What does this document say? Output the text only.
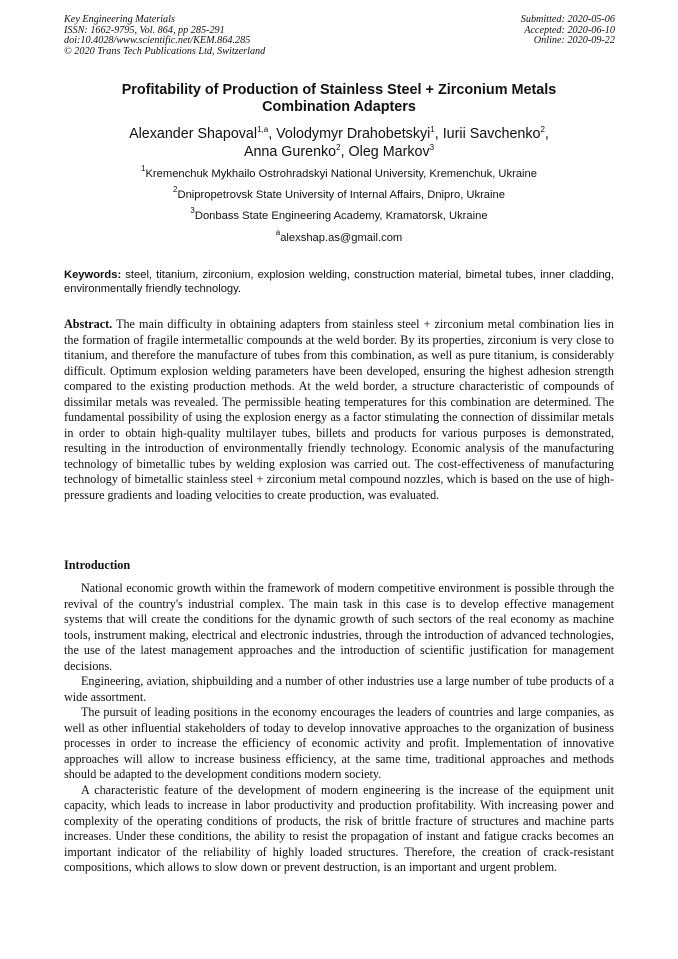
Key Engineering Materials
ISSN: 1662-9795, Vol. 864, pp 285-291
doi:10.4028/www.scientific.net/KEM.864.285
© 2020 Trans Tech Publications Ltd, Switzerland
Submitted: 2020-05-06
Accepted: 2020-06-10
Online: 2020-09-22
Profitability of Production of Stainless Steel + Zirconium Metals
Combination Adapters
Alexander Shapoval$^{1,a}$, Volodymyr Drahobetskyi$^1$, Iurii Savchenko$^2$,
Anna Gurenko$^2$, Oleg Markov$^3$
$^1$Kremenchuk Mykhailo Ostrohradskyi National University, Kremenchuk, Ukraine
$^2$Dnipropetrovsk State University of Internal Affairs, Dnipro, Ukraine
$^3$Donbass State Engineering Academy, Kramatorsk, Ukraine
$^a$alexshap.as@gmail.com
Keywords: steel, titanium, zirconium, explosion welding, construction material, bimetal tubes, inner cladding, environmentally friendly technology.
Abstract. The main difficulty in obtaining adapters from stainless steel + zirconium metal combination lies in the formation of fragile intermetallic compounds at the weld border. By its properties, zirconium is very close to titanium, and therefore the manufacture of tubes from this combination, as well as pure titanium, is considerably difficult. Optimum explosion welding parameters have been developed, ensuring the highest adhesion strength compared to the existing production methods. At the weld border, a structure characteristic of compounds of dissimilar metals was revealed. The permissible heating temperatures for this combination are determined. The fundamental possibility of using the explosion energy as a factor stimulating the connection of dissimilar metals in order to obtain high-quality multilayer tubes, billets and products for various purposes is demonstrated, resulting in the introduction of environmentally friendly technology. Economic analysis of the manufacturing technology of bimetallic tubes by welding explosion was carried out. The cost-effectiveness of manufacturing technology of bimetallic stainless steel + zirconium metal compound nozzles, which is based on the use of high-pressure gradients and loading velocities to create production, was evaluated.
Introduction

National economic growth within the framework of modern competitive environment is possible through the revival of the country's industrial complex. The main task in this case is to develop effective management systems that will create the conditions for the dynamic growth of such sectors of the real economy as machine tools, instrument making, electrical and electronic industries, through the introduction of advanced technologies, the use of the latest management approaches and the introduction of scientific justification for management decisions.

Engineering, aviation, shipbuilding and a number of other industries use a large number of tube products of a wide assortment.

The pursuit of leading positions in the economy encourages the leaders of countries and large companies, as well as other influential stakeholders of today to develop innovative approaches to the organization of business processes in order to increase the efficiency of economic activity and profit. Implementation of innovative approaches will allow to increase business efficiency, at the same time, traditional approaches and methods should be adapted to the development conditions modern society.

A characteristic feature of the development of modern engineering is the increase of the equipment unit capacity, which leads to increase in labor productivity and production profitability. With increasing power and complexity of the operating conditions of products, the risk of brittle fracture of structures and machine parts increases. Under these conditions, the ability to resist the propagation of instant and fatigue cracks becomes an important indicator of the reliability of highly loaded structures. Therefore, the creation of crack-resistant compositions, which allows to slow down or prevent destruction, is an important and urgent problem.
